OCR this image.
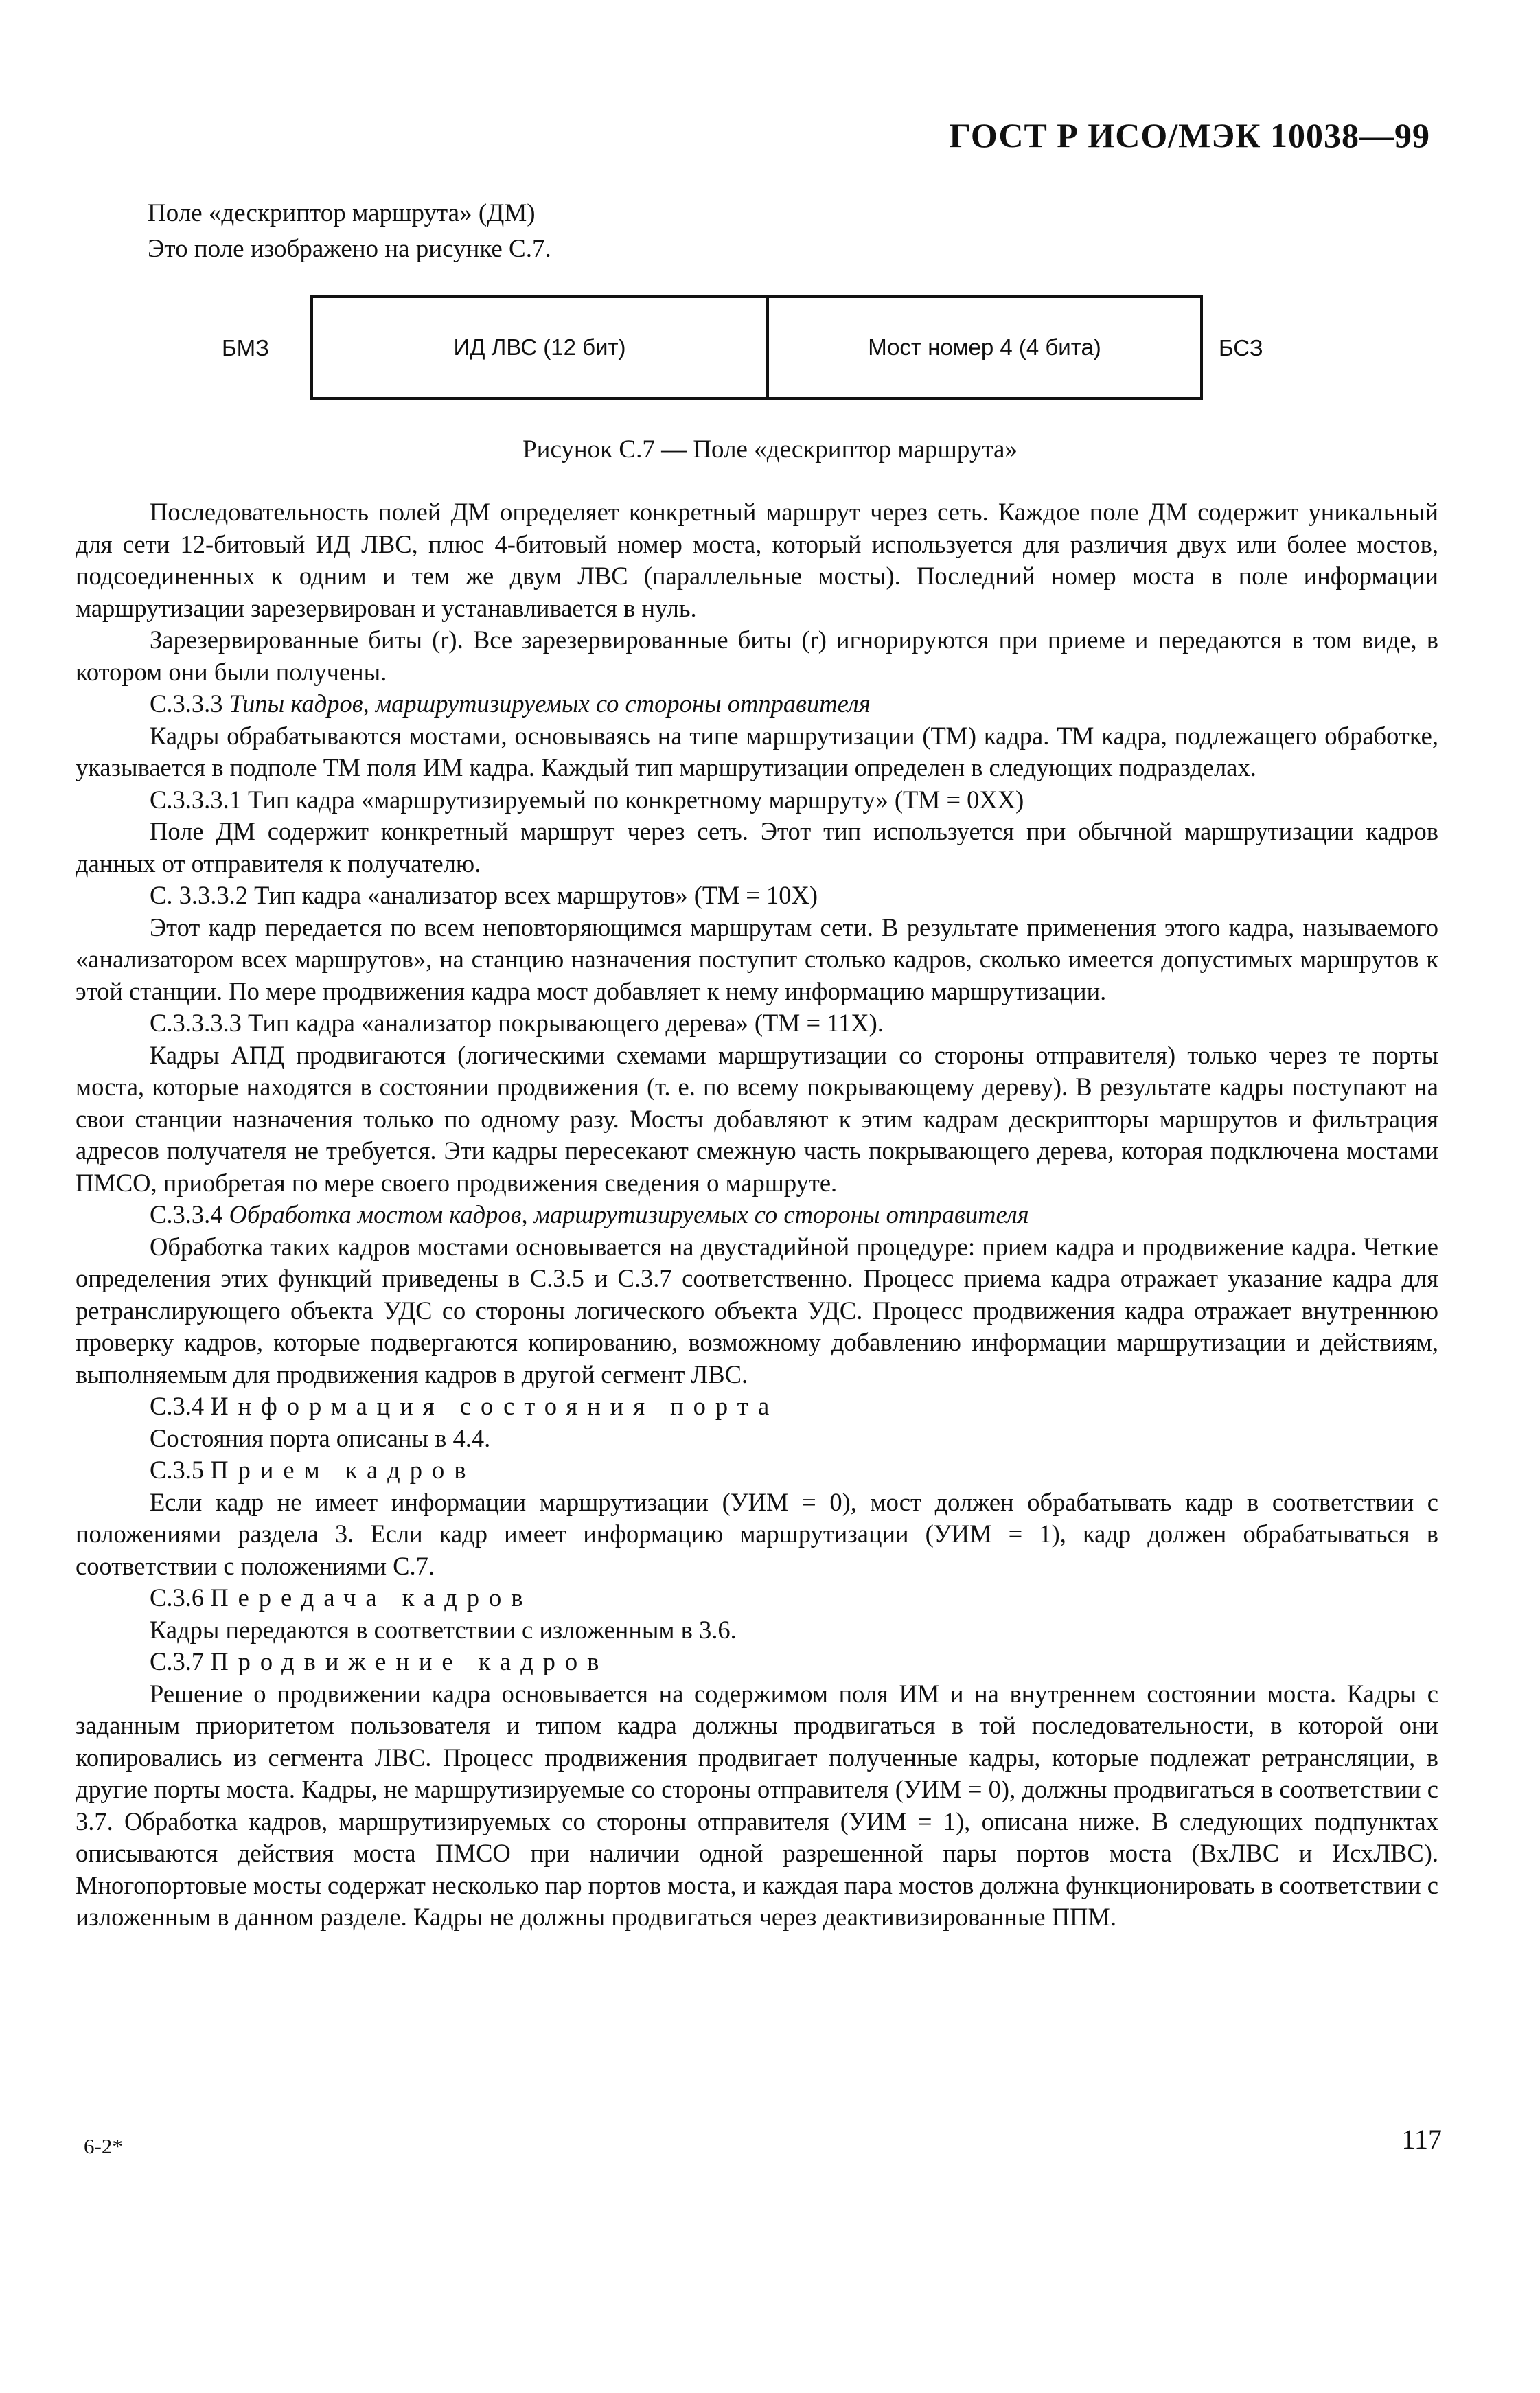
ГОСТ Р ИСО/МЭК 10038—99
Поле «дескриптор маршрута» (ДМ)
Это поле изображено на рисунке С.7.
БМЗ	ИД ЛВС (12 бит)	Мост номер 4 (4 бита)	БСЗ
Рисунок С.7 — Поле «дескриптор маршрута»

Последовательность полей ДМ определяет конкретный маршрут через сеть. Каждое поле ДМ содержит уникальный для сети 12-битовый ИД ЛВС, плюс 4-битовый номер моста, который используется для различия двух или более мостов, подсоединенных к одним и тем же двум ЛВС (параллельные мосты). Последний номер моста в поле информации маршрутизации зарезервирован и устанавливается в нуль.

Зарезервированные биты (r). Все зарезервированные биты (r) игнорируются при приеме и передаются в том виде, в котором они были получены.

С.3.3.3 Типы кадров, маршрутизируемых со стороны отправителя

Кадры обрабатываются мостами, основываясь на типе маршрутизации (ТМ) кадра. ТМ кадра, подлежащего обработке, указывается в подполе ТМ поля ИМ кадра. Каждый тип маршрутизации определен в следующих подразделах.

С.3.3.3.1 Тип кадра «маршрутизируемый по конкретному маршруту» (ТМ = 0ХХ)

Поле ДМ содержит конкретный маршрут через сеть. Этот тип используется при обычной маршрутизации кадров данных от отправителя к получателю.

С. 3.3.3.2 Тип кадра «анализатор всех маршрутов» (ТМ = 10Х)

Этот кадр передается по всем неповторяющимся маршрутам сети. В результате применения этого кадра, называемого «анализатором всех маршрутов», на станцию назначения поступит столько кадров, сколько имеется допустимых маршрутов к этой станции. По мере продвижения кадра мост добавляет к нему информацию маршрутизации.

С.3.3.3.3 Тип кадра «анализатор покрывающего дерева» (ТМ = 11Х).

Кадры АПД продвигаются (логическими схемами маршрутизации со стороны отправителя) только через те порты моста, которые находятся в состоянии продвижения (т. е. по всему покрывающему дереву). В результате кадры поступают на свои станции назначения только по одному разу. Мосты добавляют к этим кадрам дескрипторы маршрутов и фильтрация адресов получателя не требуется. Эти кадры пересекают смежную часть покрывающего дерева, которая подключена мостами ПМСО, приобретая по мере своего продвижения сведения о маршруте.

С.3.3.4 Обработка мостом кадров, маршрутизируемых со стороны отправителя

Обработка таких кадров мостами основывается на двустадийной процедуре: прием кадра и продвижение кадра. Четкие определения этих функций приведены в С.3.5 и С.3.7 соответственно. Процесс приема кадра отражает указание кадра для ретранслирующего объекта УДС со стороны логического объекта УДС. Процесс продвижения кадра отражает внутреннюю проверку кадров, которые подвергаются копированию, возможному добавлению информации маршрутизации и действиям, выполняемым для продвижения кадров в другой сегмент ЛВС.

С.3.4 Информация состояния порта

Состояния порта описаны в 4.4.

С.3.5 Прием кадров

Если кадр не имеет информации маршрутизации (УИМ = 0), мост должен обрабатывать кадр в соответствии с положениями раздела 3. Если кадр имеет информацию маршрутизации (УИМ = 1), кадр должен обрабатываться в соответствии с положениями С.7.

С.3.6 Передача кадров

Кадры передаются в соответствии с изложенным в 3.6.

С.3.7 Продвижение кадров

Решение о продвижении кадра основывается на содержимом поля ИМ и на внутреннем состоянии моста. Кадры с заданным приоритетом пользователя и типом кадра должны продвигаться в той последовательности, в которой они копировались из сегмента ЛВС. Процесс продвижения продвигает полученные кадры, которые подлежат ретрансляции, в другие порты моста. Кадры, не маршрутизируемые со стороны отправителя (УИМ = 0), должны продвигаться в соответствии с 3.7. Обработка кадров, маршрутизируемых со стороны отправителя (УИМ = 1), описана ниже. В следующих подпунктах описываются действия моста ПМСО при наличии одной разрешенной пары портов моста (ВхЛВС и ИсхЛВС). Многопортовые мосты содержат несколько пар портов моста, и каждая пара мостов должна функционировать в соответствии с изложенным в данном разделе. Кадры не должны продвигаться через деактивизированные ППМ.

6-2*	117
